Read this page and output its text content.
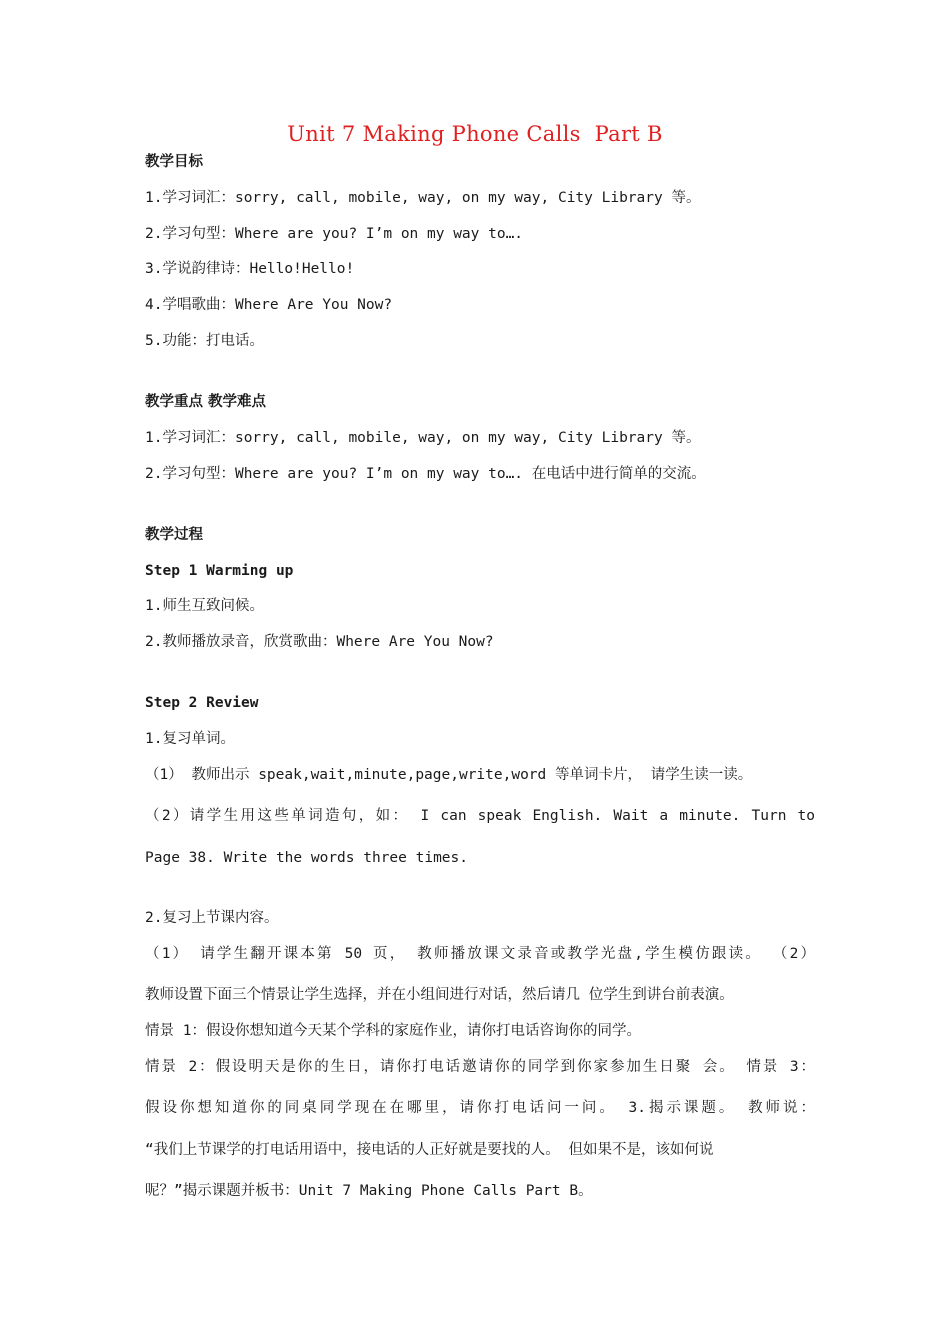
Unit 7 Making Phone Calls  Part B
教学目标
1.学习词汇：sorry, call, mobile, way, on my way, City Library 等。
2.学习句型：Where are you? I’m on my way to….
3.学说韵律诗：Hello!Hello!
4.学唱歌曲：Where Are You Now?
5.功能：打电话。
教学重点 教学难点
1.学习词汇：sorry, call, mobile, way, on my way, City Library 等。
2.学习句型：Where are you? I’m on my way to…. 在电话中进行简单的交流。
教学过程
Step 1 Warming up
1.师生互致问候。
2.教师播放录音，欣赏歌曲：Where Are You Now?
Step 2 Review
1.复习单词。
（1） 教师出示 speak,wait,minute,page,write,word 等单词卡片， 请学生读一读。
（2）请学生用这些单词造句，如： I can speak English. Wait a minute. Turn to
Page 38. Write the words three times.
2.复习上节课内容。
（1） 请学生翻开课本第 50 页， 教师播放课文录音或教学光盘,学生模仿跟读。 （2）
教师设置下面三个情景让学生选择，并在小组间进行对话，然后请几 位学生到讲台前表演。
情景 1：假设你想知道今天某个学科的家庭作业，请你打电话咨询你的同学。
情景 2：假设明天是你的生日，请你打电话邀请你的同学到你家参加生日聚 会。 情景 3：
假设你想知道你的同桌同学现在在哪里，请你打电话问一问。 3.揭示课题。 教师说：
“我们上节课学的打电话用语中，接电话的人正好就是要找的人。 但如果不是，该如何说
呢？”揭示课题并板书：Unit 7 Making Phone Calls Part B。
